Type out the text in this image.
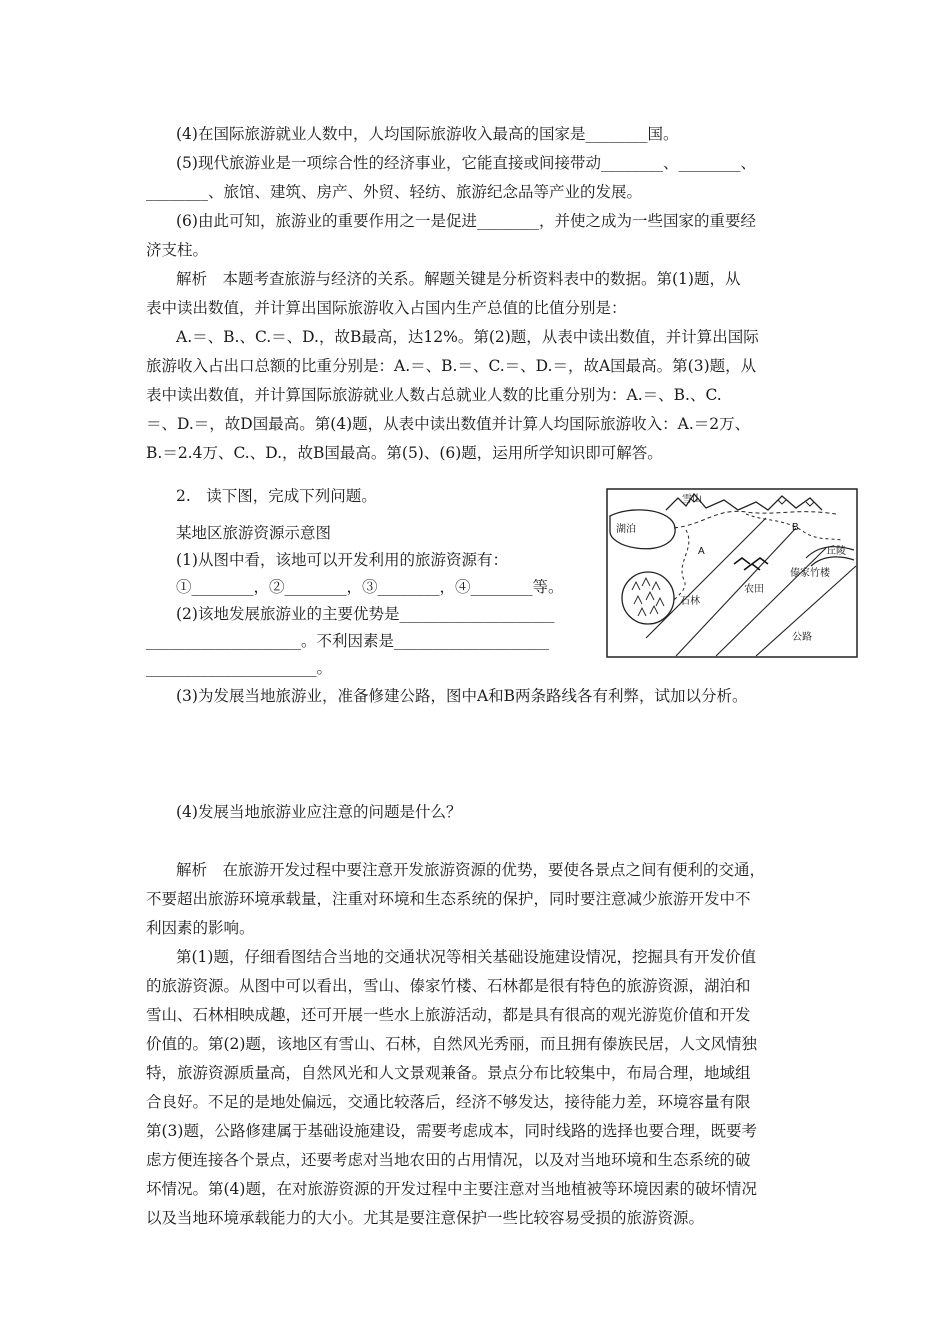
(4)在国际旅游就业人数中，人均国际旅游收入最高的国家是________国。
(5)现代旅游业是一项综合性的经济事业，它能直接或间接带动________、________、
________、旅馆、建筑、房产、外贸、轻纺、旅游纪念品等产业的发展。
(6)由此可知，旅游业的重要作用之一是促进________，并使之成为一些国家的重要经
济支柱。
解析　本题考查旅游与经济的关系。解题关键是分析资料表中的数据。第(1)题，从
表中读出数值，并计算出国际旅游收入占国内生产总值的比值分别是：
A.＝、B.、C.＝、D.，故B最高，达12%。第(2)题，从表中读出数值，并计算出国际
旅游收入占出口总额的比重分别是：A.＝、B.＝、C.＝、D.＝，故A国最高。第(3)题，从
表中读出数值，并计算国际旅游就业人数占总就业人数的比重分别为：A.＝、B.、C.
＝、D.＝，故D国最高。第(4)题，从表中读出数值并计算人均国际旅游收入：A.＝2万、
B.＝2.4万、C.、D.，故B国最高。第(5)、(6)题，运用所学知识即可解答。
2.　读下图，完成下列问题。
某地区旅游资源示意图
(1)从图中看，该地可以开发利用的旅游资源有：
①________，②________，③________，④________等。
(2)该地发展旅游业的主要优势是____________________
____________________。不利因素是____________________
______________________。
(3)为发展当地旅游业，准备修建公路，图中A和B两条路线各有利弊，试加以分析。
(4)发展当地旅游业应注意的问题是什么？
解析　在旅游开发过程中要注意开发旅游资源的优势，要使各景点之间有便利的交通，
不要超出旅游环境承载量，注重对环境和生态系统的保护，同时要注意减少旅游开发中不
利因素的影响。
第(1)题，仔细看图结合当地的交通状况等相关基础设施建设情况，挖掘具有开发价值
的旅游资源。从图中可以看出，雪山、傣家竹楼、石林都是很有特色的旅游资源，湖泊和
雪山、石林相映成趣，还可开展一些水上旅游活动，都是具有很高的观光游览价值和开发
价值的。第(2)题，该地区有雪山、石林，自然风光秀丽，而且拥有傣族民居，人文风情独
特，旅游资源质量高，自然风光和人文景观兼备。景点分布比较集中，布局合理，地域组
合良好。不足的是地处偏远，交通比较落后，经济不够发达，接待能力差，环境容量有限
第(3)题，公路修建属于基础设施建设，需要考虑成本，同时线路的选择也要合理，既要考
虑方便连接各个景点，还要考虑对当地农田的占用情况，以及对当地环境和生态系统的破
坏情况。第(4)题，在对旅游资源的开发过程中主要注意对当地植被等环境因素的破坏情况
以及当地环境承载能力的大小。尤其是要注意保护一些比较容易受损的旅游资源。
雪山
湖泊	B
丘陵
A
傣家竹楼
农田
石林
公路
